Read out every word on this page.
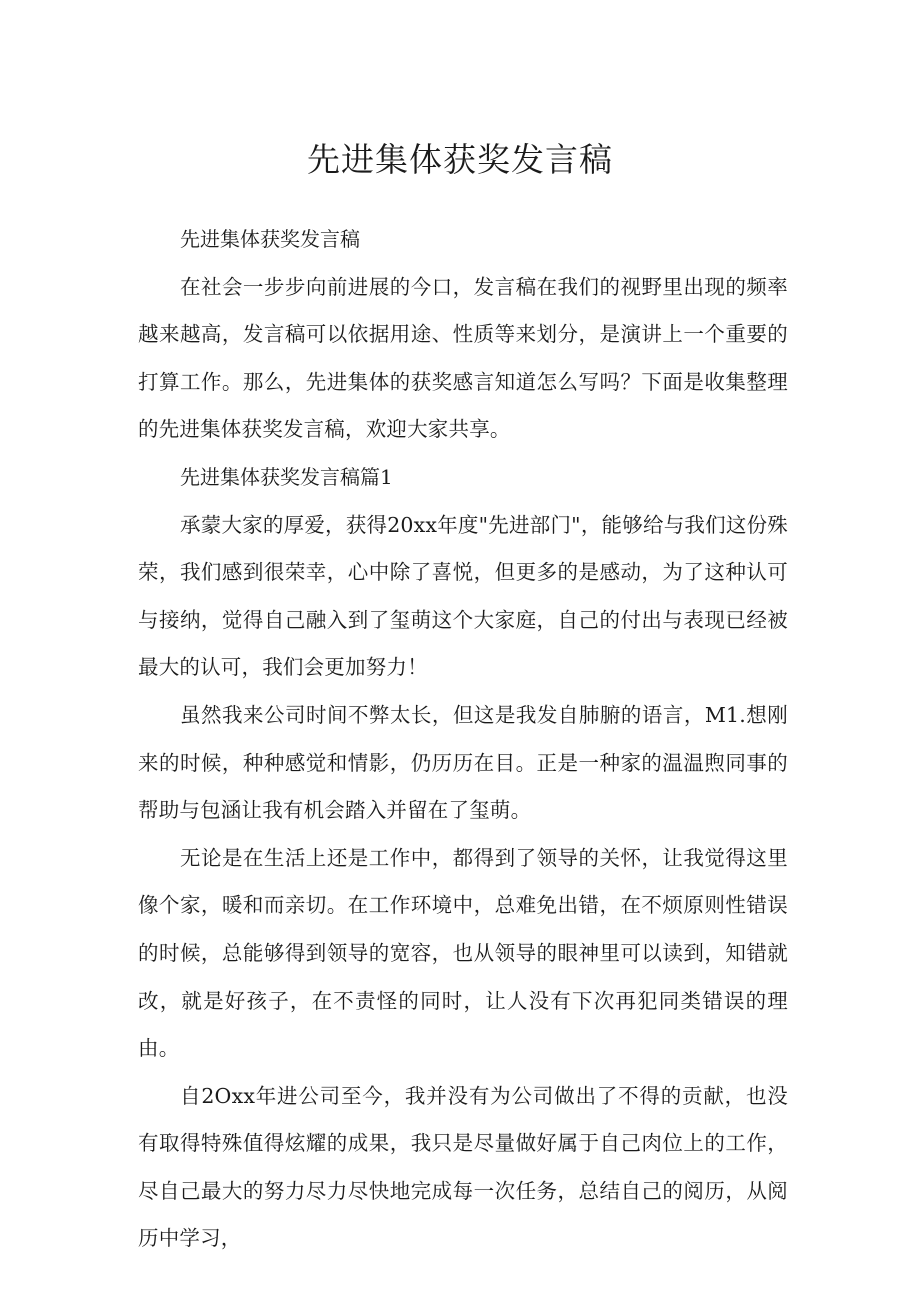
先进集体获奖发言稿

先进集体获奖发言稿

在社会一步步向前进展的今口，发言稿在我们的视野里出现的频率越来越高，发言稿可以依据用途、性质等来划分，是演讲上一个重要的打算工作。那么，先进集体的获奖感言知道怎么写吗？下面是收集整理的先进集体获奖发言稿，欢迎大家共享。

先进集体获奖发言稿篇1

承蒙大家的厚爱，获得20xx年度"先进部门"，能够给与我们这份殊荣，我们感到很荣幸，心中除了喜悦，但更多的是感动，为了这种认可与接纳，觉得自己融入到了玺萌这个大家庭，自己的付出与表现已经被最大的认可，我们会更加努力！

虽然我来公司时间不弊太长，但这是我发自肺腑的语言，M1.想刚来的时候，种种感觉和情影，仍历历在目。正是一种家的温温煦同事的帮助与包涵让我有机会踏入并留在了玺萌。

无论是在生活上还是工作中，都得到了领导的关怀，让我觉得这里像个家，暖和而亲切。在工作环境中，总难免出错，在不烦原则性错误的时候，总能够得到领导的宽容，也从领导的眼神里可以读到，知错就改，就是好孩子，在不责怪的同时，让人没有下次再犯同类错误的理由。

自2Oxx年进公司至今，我并没有为公司做出了不得的贡献，也没有取得特殊值得炫耀的成果，我只是尽量做好属于自己肉位上的工作，尽自己最大的努力尽力尽快地完成每一次任务，总结自己的阅历，从阅历中学习，
